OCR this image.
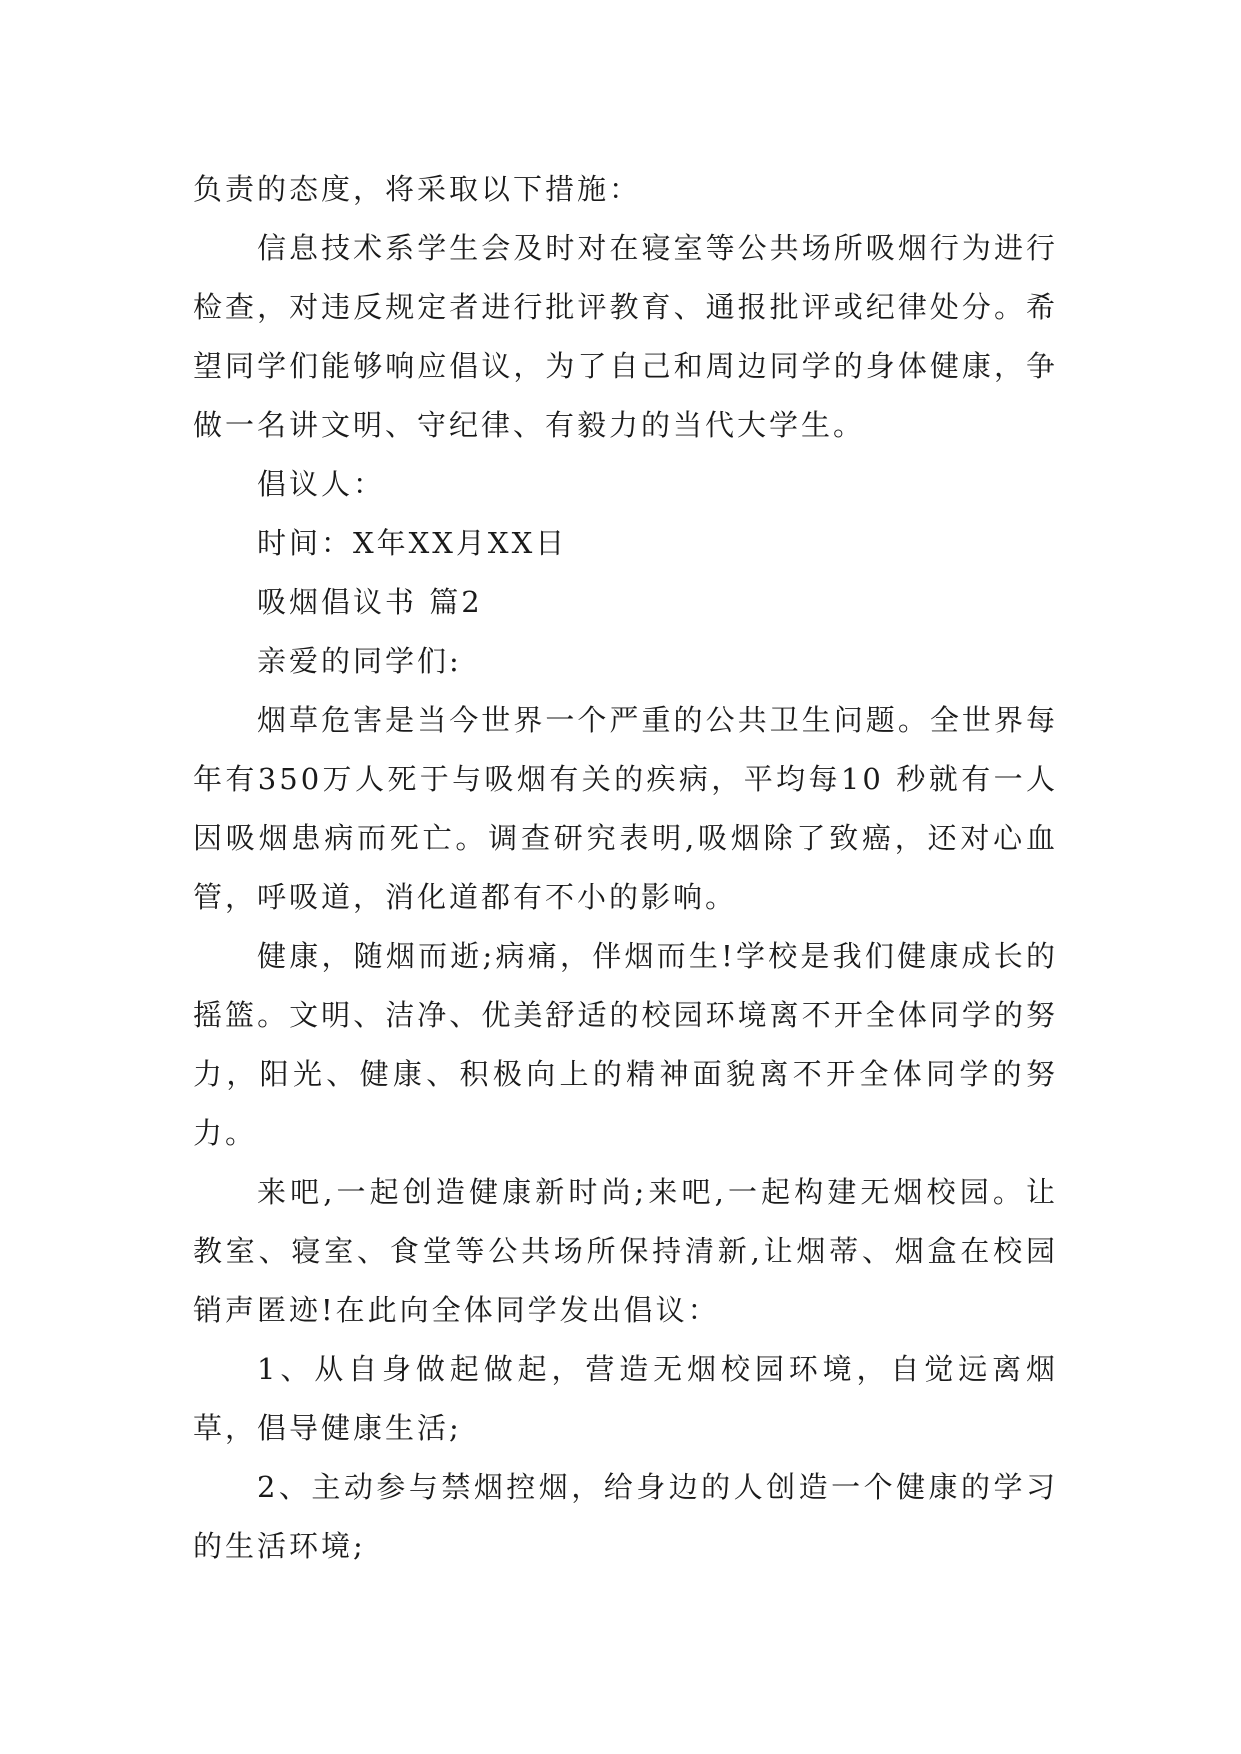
负责的态度，将采取以下措施：

信息技术系学生会及时对在寝室等公共场所吸烟行为进行检查，对违反规定者进行批评教育、通报批评或纪律处分。希望同学们能够响应倡议，为了自己和周边同学的身体健康，争做一名讲文明、守纪律、有毅力的当代大学生。

倡议人：

时间：X年XX月XX日

吸烟倡议书 篇2

亲爱的同学们:

烟草危害是当今世界一个严重的公共卫生问题。全世界每年有350万人死于与吸烟有关的疾病，平均每10 秒就有一人因吸烟患病而死亡。调查研究表明,吸烟除了致癌，还对心血管，呼吸道，消化道都有不小的影响。

健康，随烟而逝;病痛，伴烟而生!学校是我们健康成长的摇篮。文明、洁净、优美舒适的校园环境离不开全体同学的努力，阳光、健康、积极向上的精神面貌离不开全体同学的努力。

来吧,一起创造健康新时尚;来吧,一起构建无烟校园。让教室、寝室、食堂等公共场所保持清新,让烟蒂、烟盒在校园销声匿迹!在此向全体同学发出倡议：

1、从自身做起做起，营造无烟校园环境，自觉远离烟草，倡导健康生活;

2、主动参与禁烟控烟，给身边的人创造一个健康的学习的生活环境;
